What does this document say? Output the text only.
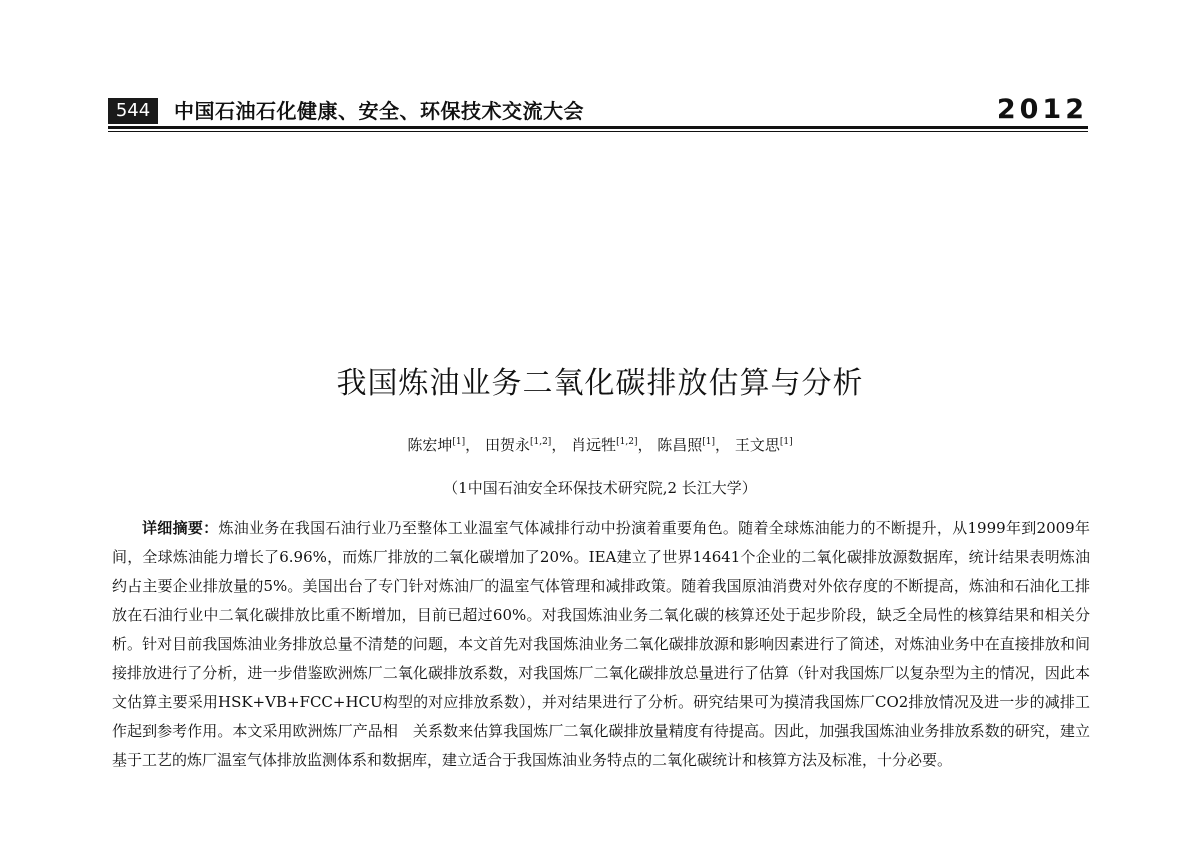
544	中国石油石化健康、安全、环保技术交流大会	2012
我国炼油业务二氧化碳排放估算与分析
陈宏坤[1]， 田贺永[1,2]， 肖远牲[1,2]， 陈昌照[1]， 王文思[1]
（1中国石油安全环保技术研究院,2 长江大学）
详细摘要：炼油业务在我国石油行业乃至整体工业温室气体减排行动中扮演着重要角色。随着全球炼油能力的不断提升，从1999年到2009年间，全球炼油能力增长了6.96%，而炼厂排放的二氧化碳增加了20%。IEA建立了世界14641个企业的二氧化碳排放源数据库，统计结果表明炼油约占主要企业排放量的5%。美国出台了专门针对炼油厂的温室气体管理和减排政策。随着我国原油消费对外依存度的不断提高，炼油和石油化工排放在石油行业中二氧化碳排放比重不断增加，目前已超过60%。对我国炼油业务二氧化碳的核算还处于起步阶段，缺乏全局性的核算结果和相关分析。针对目前我国炼油业务排放总量不清楚的问题，本文首先对我国炼油业务二氧化碳排放源和影响因素进行了简述，对炼油业务中在直接排放和间接排放进行了分析，进一步借鉴欧洲炼厂二氧化碳排放系数，对我国炼厂二氧化碳排放总量进行了估算（针对我国炼厂以复杂型为主的情况，因此本文估算主要采用HSK+VB+FCC+HCU构型的对应排放系数），并对结果进行了分析。研究结果可为摸清我国炼厂CO2排放情况及进一步的减排工作起到参考作用。本文采用欧洲炼厂产品相　关系数来估算我国炼厂二氧化碳排放量精度有待提高。因此，加强我国炼油业务排放系数的研究，建立基于工艺的炼厂温室气体排放监测体系和数据库，建立适合于我国炼油业务特点的二氧化碳统计和核算方法及标准，十分必要。
